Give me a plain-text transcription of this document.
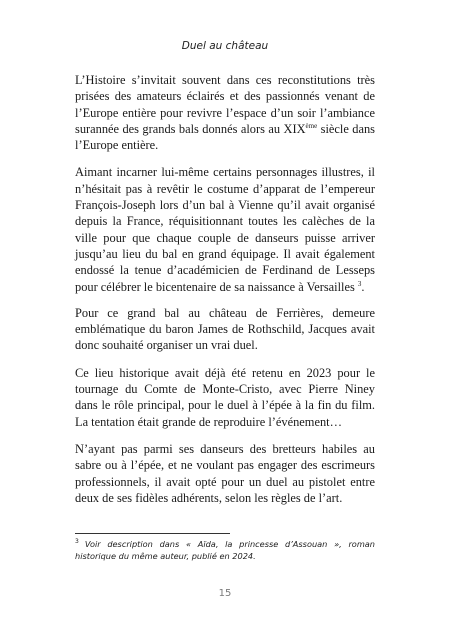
Duel au château

L’Histoire s’invitait souvent dans ces reconstitutions très prisées des amateurs éclairés et des passionnés venant de l’Europe entière pour revivre l’espace d’un soir l’ambiance surannée des grands bals donnés alors au XIXème siècle dans l’Europe entière.

Aimant incarner lui-même certains personnages illustres, il n’hésitait pas à revêtir le costume d’apparat de l’empereur François-Joseph lors d’un bal à Vienne qu’il avait organisé depuis la France, réquisitionnant toutes les calèches de la ville pour que chaque couple de danseurs puisse arriver jusqu’au lieu du bal en grand équipage. Il avait également endossé la tenue d’académicien de Ferdinand de Lesseps pour célébrer le bicentenaire de sa naissance à Versailles $^3$.

Pour ce grand bal au château de Ferrières, demeure emblématique du baron James de Rothschild, Jacques avait donc souhaité organiser un vrai duel.

Ce lieu historique avait déjà été retenu en 2023 pour le tournage du Comte de Monte-Cristo, avec Pierre Niney dans le rôle principal, pour le duel à l’épée à la fin du film. La tentation était grande de reproduire l’événement…

N’ayant pas parmi ses danseurs des bretteurs habiles au sabre ou à l’épée, et ne voulant pas engager des escrimeurs professionnels, il avait opté pour un duel au pistolet entre deux de ses fidèles adhérents, selon les règles de l’art.

$^3$ Voir description dans « Aïda, la princesse d’Assouan », roman historique du même auteur, publié en 2024.
15
